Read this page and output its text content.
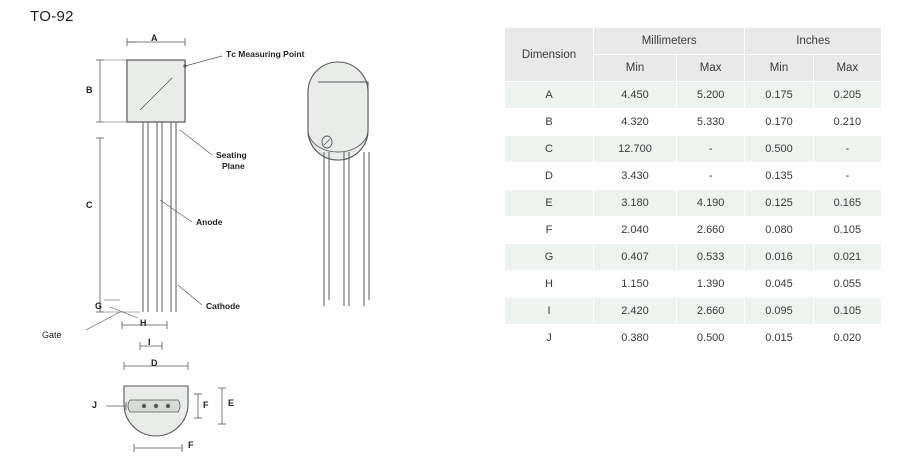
TO-92
A
B
C
G
H
I
D
J	F E
F
Tᴄ Measuring Point
Seating
Plane
Anode
Cathode
Gate
Dimension	Millimeters		Inches	
	Min	Max	Min	Max
A	4.450	5.200	0.175	0.205
B	4.320	5.330	0.170	0.210
C	12.700	-	0.500	-
D	3.430	-	0.135	-
E	3.180	4.190	0.125	0.165
F	2.040	2.660	0.080	0.105
G	0.407	0.533	0.016	0.021
H	1.150	1.390	0.045	0.055
I	2.420	2.660	0.095	0.105
J	0.380	0.500	0.015	0.020
